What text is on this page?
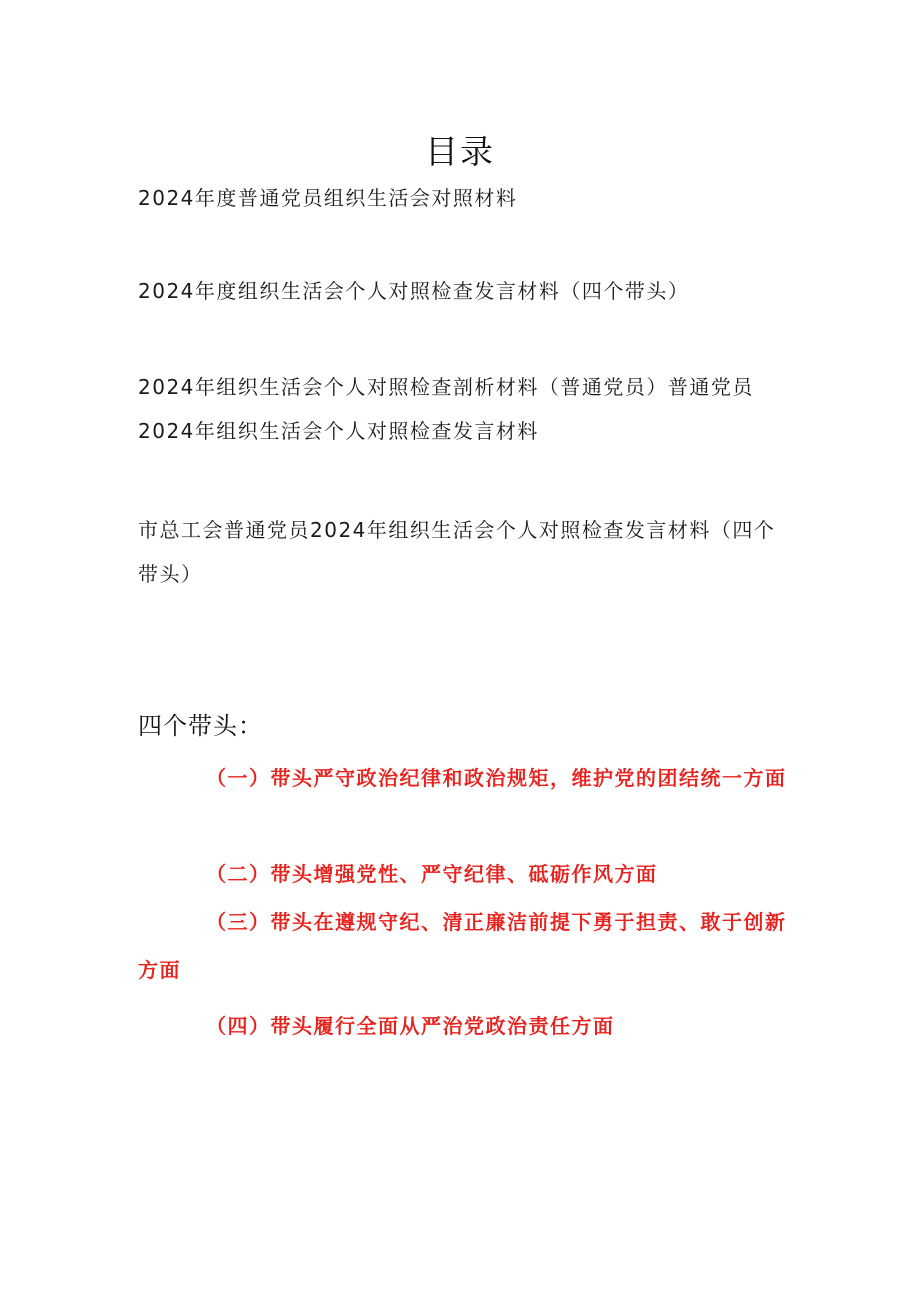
目录
2024年度普通党员组织生活会对照材料
2024年度组织生活会个人对照检查发言材料（四个带头）
2024年组织生活会个人对照检查剖析材料（普通党员）普通党员2024年组织生活会个人对照检查发言材料
市总工会普通党员2024年组织生活会个人对照检查发言材料（四个带头）
四个带头：
（一）带头严守政治纪律和政治规矩，维护党的团结统一方面
（二）带头增强党性、严守纪律、砥砺作风方面
（三）带头在遵规守纪、清正廉洁前提下勇于担责、敢于创新方面
（四）带头履行全面从严治党政治责任方面
